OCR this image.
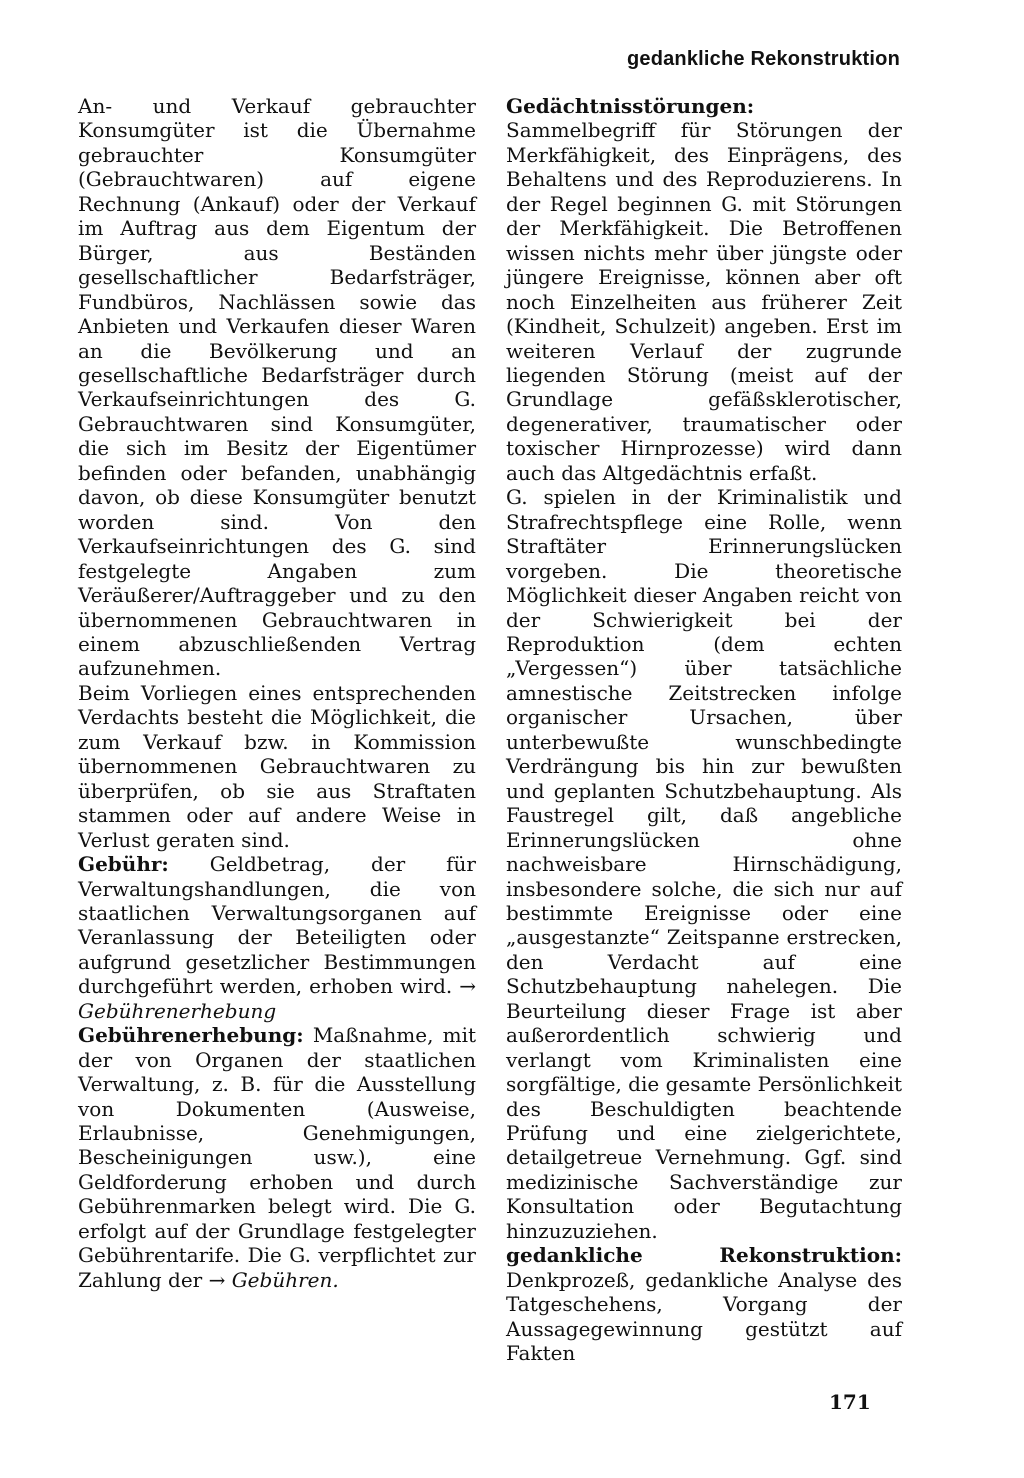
gedankliche Rekonstruktion

An- und Verkauf gebrauchter Konsumgüter ist die Übernahme gebrauchter Konsumgüter (Gebrauchtwaren) auf eigene Rechnung (Ankauf) oder der Verkauf im Auftrag aus dem Eigentum der Bürger, aus Beständen gesellschaftlicher Bedarfsträger, Fundbüros, Nachlässen sowie das Anbieten und Verkaufen dieser Waren an die Bevölkerung und an gesellschaftliche Bedarfsträger durch Verkaufseinrichtungen des G. Gebrauchtwaren sind Konsumgüter, die sich im Besitz der Eigentümer befinden oder befanden, unabhängig davon, ob diese Konsumgüter benutzt worden sind. Von den Verkaufseinrichtungen des G. sind festgelegte Angaben zum Veräußerer/Auftraggeber und zu den übernommenen Gebrauchtwaren in einem abzuschließenden Vertrag aufzunehmen.

Beim Vorliegen eines entsprechenden Verdachts besteht die Möglichkeit, die zum Verkauf bzw. in Kommission übernommenen Gebrauchtwaren zu überprüfen, ob sie aus Straftaten stammen oder auf andere Weise in Verlust geraten sind.

Gebühr: Geldbetrag, der für Verwaltungshandlungen, die von staatlichen Verwaltungsorganen auf Veranlassung der Beteiligten oder aufgrund gesetzlicher Bestimmungen durchgeführt werden, erhoben wird. → Gebührenerhebung

Gebührenerhebung: Maßnahme, mit der von Organen der staatlichen Verwaltung, z. B. für die Ausstellung von Dokumenten (Ausweise, Erlaubnisse, Genehmigungen, Bescheinigungen usw.), eine Geldforderung erhoben und durch Gebührenmarken belegt wird. Die G. erfolgt auf der Grundlage festgelegter Gebührentarife. Die G. verpflichtet zur Zahlung der → Gebühren.

Gedächtnisstörungen: Sammelbegriff für Störungen der Merkfähigkeit, des Einprägens, des Behaltens und des Reproduzierens. In der Regel beginnen G. mit Störungen der Merkfähigkeit. Die Betroffenen wissen nichts mehr über jüngste oder jüngere Ereignisse, können aber oft noch Einzelheiten aus früherer Zeit (Kindheit, Schulzeit) angeben. Erst im weiteren Verlauf der zugrunde liegenden Störung (meist auf der Grundlage gefäßsklerotischer, degenerativer, traumatischer oder toxischer Hirnprozesse) wird dann auch das Altgedächtnis erfaßt.

G. spielen in der Kriminalistik und Strafrechtspflege eine Rolle, wenn Straftäter Erinnerungslücken vorgeben. Die theoretische Möglichkeit dieser Angaben reicht von der Schwierigkeit bei der Reproduktion (dem echten „Vergessen“) über tatsächliche amnestische Zeitstrecken infolge organischer Ursachen, über unterbewußte wunschbedingte Verdrängung bis hin zur bewußten und geplanten Schutzbehauptung. Als Faustregel gilt, daß angebliche Erinnerungslücken ohne nachweisbare Hirnschädigung, insbesondere solche, die sich nur auf bestimmte Ereignisse oder eine „ausgestanzte“ Zeitspanne erstrecken, den Verdacht auf eine Schutzbehauptung nahelegen. Die Beurteilung dieser Frage ist aber außerordentlich schwierig und verlangt vom Kriminalisten eine sorgfältige, die gesamte Persönlichkeit des Beschuldigten beachtende Prüfung und eine zielgerichtete, detailgetreue Vernehmung. Ggf. sind medizinische Sachverständige zur Konsultation oder Begutachtung hinzuzuziehen.

gedankliche Rekonstruktion: Denkprozeß, gedankliche Analyse des Tatgeschehens, Vorgang der Aussagegewinnung gestützt auf Fakten

171
